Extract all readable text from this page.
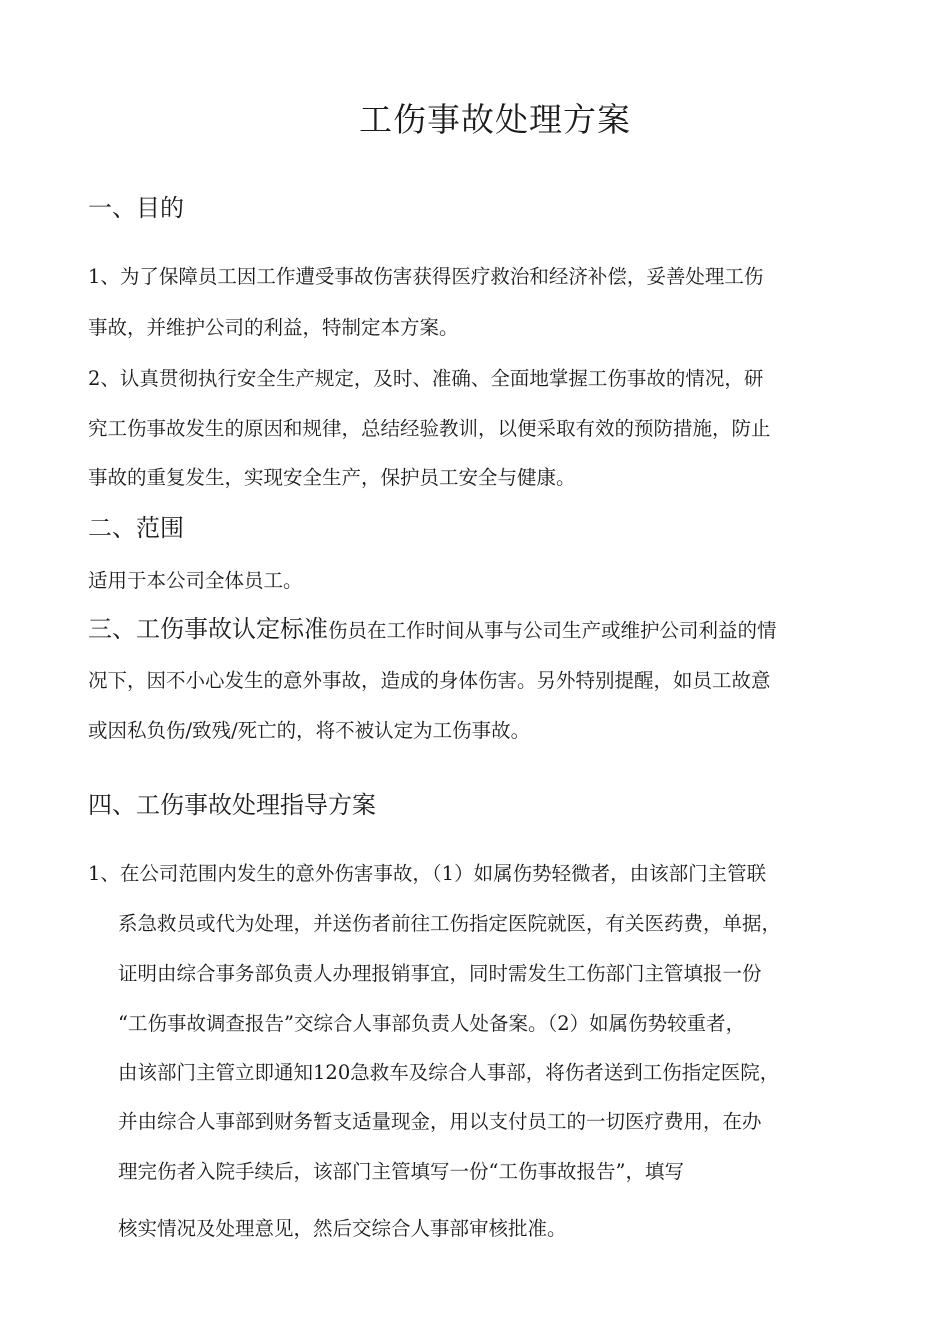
工伤事故处理方案
一、目的
1、为了保障员工因工作遭受事故伤害获得医疗救治和经济补偿，妥善处理工伤
事故，并维护公司的利益，特制定本方案。
2、认真贯彻执行安全生产规定，及时、准确、全面地掌握工伤事故的情况，研
究工伤事故发生的原因和规律，总结经验教训，以便采取有效的预防措施，防止
事故的重复发生，实现安全生产，保护员工安全与健康。
二、范围
适用于本公司全体员工。
三、工伤事故认定标准伤员在工作时间从事与公司生产或维护公司利益的情
况下，因不小心发生的意外事故，造成的身体伤害。另外特别提醒，如员工故意
或因私负伤/致残/死亡的，将不被认定为工伤事故。
四、工伤事故处理指导方案
1、在公司范围内发生的意外伤害事故，（1）如属伤势轻微者，由该部门主管联
系急救员或代为处理，并送伤者前往工伤指定医院就医，有关医药费，单据，
证明由综合事务部负责人办理报销事宜，同时需发生工伤部门主管填报一份
“工伤事故调查报告”交综合人事部负责人处备案。（2）如属伤势较重者，
由该部门主管立即通知120急救车及综合人事部，将伤者送到工伤指定医院，
并由综合人事部到财务暂支适量现金，用以支付员工的一切医疗费用，在办
理完伤者入院手续后，该部门主管填写一份“工伤事故报告”，填写
核实情况及处理意见，然后交综合人事部审核批准。
